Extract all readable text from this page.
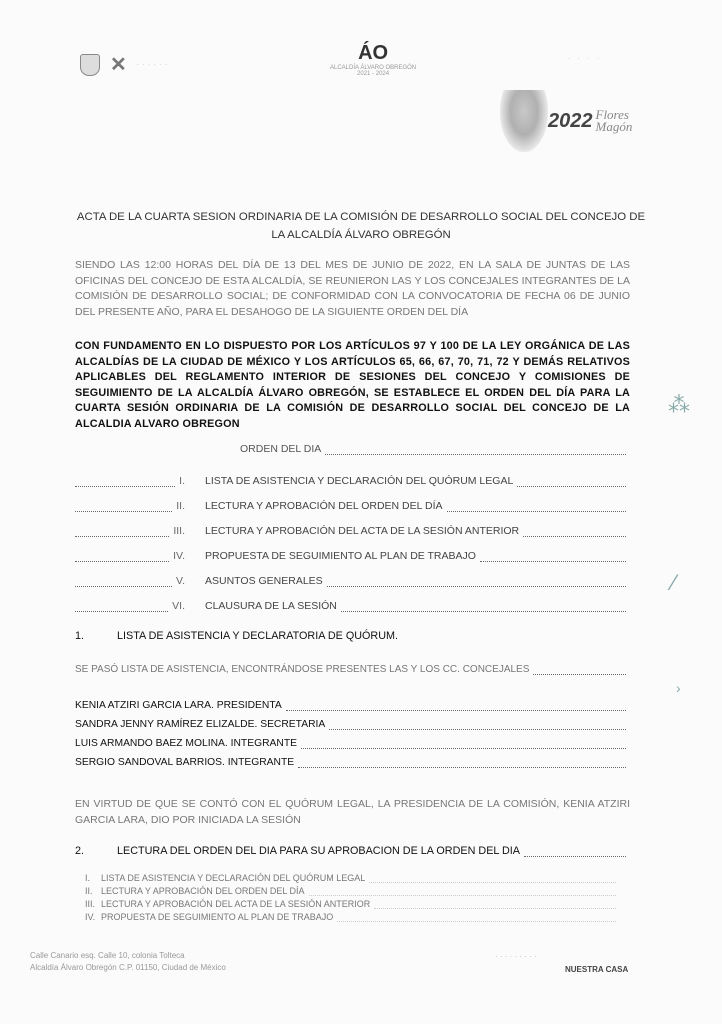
✕ · · · · · ·
ÁO
ALCALDÍA ÁLVARO OBREGÓN
2021 - 2024
· · · ·
2022 Flores
Magón
ACTA DE LA CUARTA SESION ORDINARIA DE LA COMISIÓN DE DESARROLLO SOCIAL DEL CONCEJO DE LA ALCALDÍA ÁLVARO OBREGÓN
SIENDO LAS 12:00 HORAS DEL DÍA DE 13 DEL MES DE JUNIO DE 2022, EN LA SALA DE JUNTAS DE LAS OFICINAS DEL CONCEJO DE ESTA ALCALDÍA, SE REUNIERON LAS Y LOS CONCEJALES INTEGRANTES DE LA COMISIÓN DE DESARROLLO SOCIAL; DE CONFORMIDAD CON LA CONVOCATORIA DE FECHA 06 DE JUNIO DEL PRESENTE AÑO, PARA EL DESAHOGO DE LA SIGUIENTE ORDEN DEL DÍA
CON FUNDAMENTO EN LO DISPUESTO POR LOS ARTÍCULOS 97 Y 100 DE LA LEY ORGÁNICA DE LAS ALCALDÍAS DE LA CIUDAD DE MÉXICO Y LOS ARTÍCULOS 65, 66, 67, 70, 71, 72 Y DEMÁS RELATIVOS APLICABLES DEL REGLAMENTO INTERIOR DE SESIONES DEL CONCEJO Y COMISIONES DE SEGUIMIENTO DE LA ALCALDÍA ÁLVARO OBREGÓN, SE ESTABLECE EL ORDEN DEL DÍA PARA LA CUARTA SESIÓN ORDINARIA DE LA COMISIÓN DE DESARROLLO SOCIAL DEL CONCEJO DE LA ALCALDIA ALVARO OBREGON
ORDEN DEL DIA
I. LISTA DE ASISTENCIA Y DECLARACIÓN DEL QUÓRUM LEGAL
II. LECTURA Y APROBACIÓN DEL ORDEN DEL DÍA
III. LECTURA Y APROBACIÓN DEL ACTA DE LA SESIÓN ANTERIOR
IV. PROPUESTA DE SEGUIMIENTO AL PLAN DE TRABAJO
V. ASUNTOS GENERALES
VI. CLAUSURA DE LA SESIÓN
1.	LISTA DE ASISTENCIA Y DECLARATORIA DE QUÓRUM.
SE PASÓ LISTA DE ASISTENCIA, ENCONTRÁNDOSE PRESENTES LAS Y LOS CC. CONCEJALES
KENIA ATZIRI GARCIA LARA. PRESIDENTA
SANDRA JENNY RAMÍREZ ELIZALDE. SECRETARIA
LUIS ARMANDO BAEZ MOLINA. INTEGRANTE
SERGIO SANDOVAL BARRIOS. INTEGRANTE
EN VIRTUD DE QUE SE CONTÓ CON EL QUÓRUM LEGAL, LA PRESIDENCIA DE LA COMISIÓN, KENIA ATZIRI GARCIA LARA, DIO POR INICIADA LA SESIÓN
2.	LECTURA DEL ORDEN DEL DIA PARA SU APROBACION DE LA ORDEN DEL DIA
I.	LISTA DE ASISTENCIA Y DECLARACIÓN DEL QUÓRUM LEGAL
II. LECTURA Y APROBACIÓN DEL ORDEN DEL DÍA
III. LECTURA Y APROBACIÓN DEL ACTA DE LA SESIÓN ANTERIOR
IV. PROPUESTA DE SEGUIMIENTO AL PLAN DE TRABAJO
⁂
⁄
›
Calle Canario esq. Calle 10, colonia Tolteca
Alcaldía Álvaro Obregón C.P. 01150, Ciudad de México
· · · · · · · · ·
NUESTRA CASA
